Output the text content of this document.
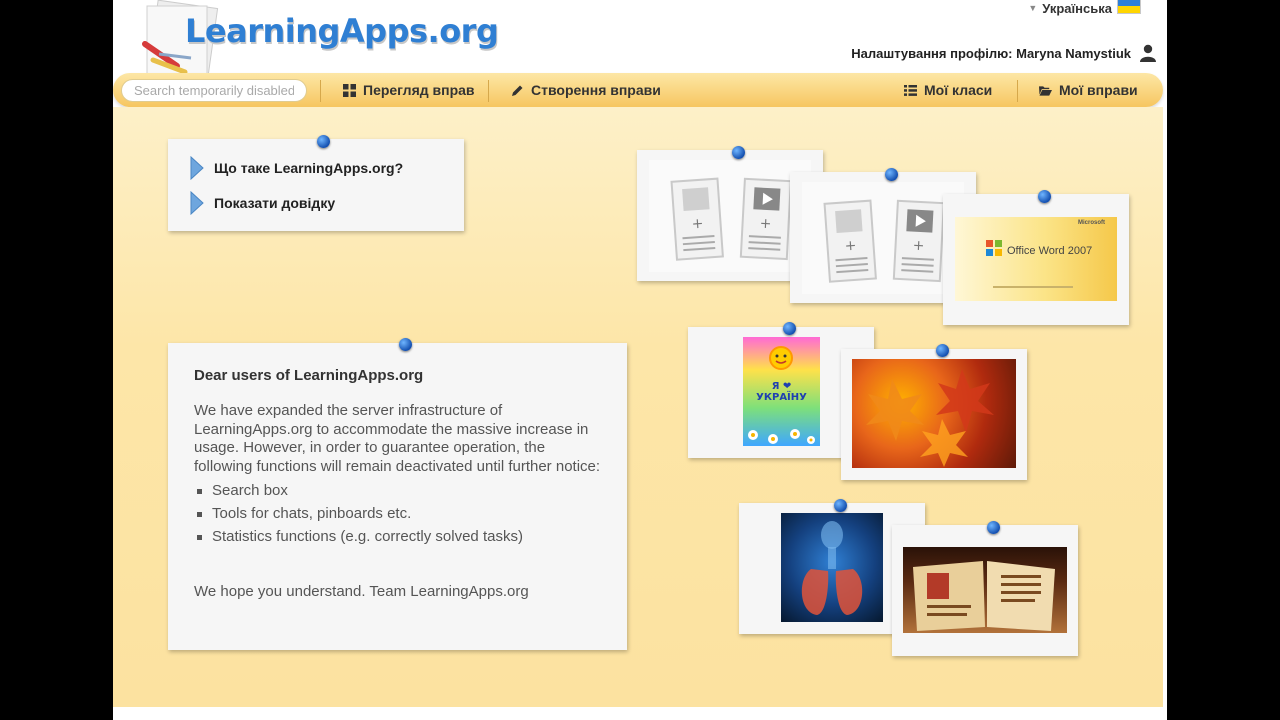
LearningApps.org
▼ Українська
Налаштування профілю: Maryna Namystiuk
Search temporarily disabled
Перегляд вправ	Створення вправи	Мої класи	Мої вправи
Що таке LearningApps.org?
Показати довідку
Dear users of LearningApps.org
We have expanded the server infrastructure of LearningApps.org to accommodate the massive increase in usage. However, in order to guarantee operation, the following functions will remain deactivated until further notice:
Search box
Tools for chats, pinboards etc.
Statistics functions (e.g. correctly solved tasks)
We hope you understand. Team LearningApps.org
+	+
+	+
Microsoft
Office Word 2007
Я ❤ УКРАЇНУ
